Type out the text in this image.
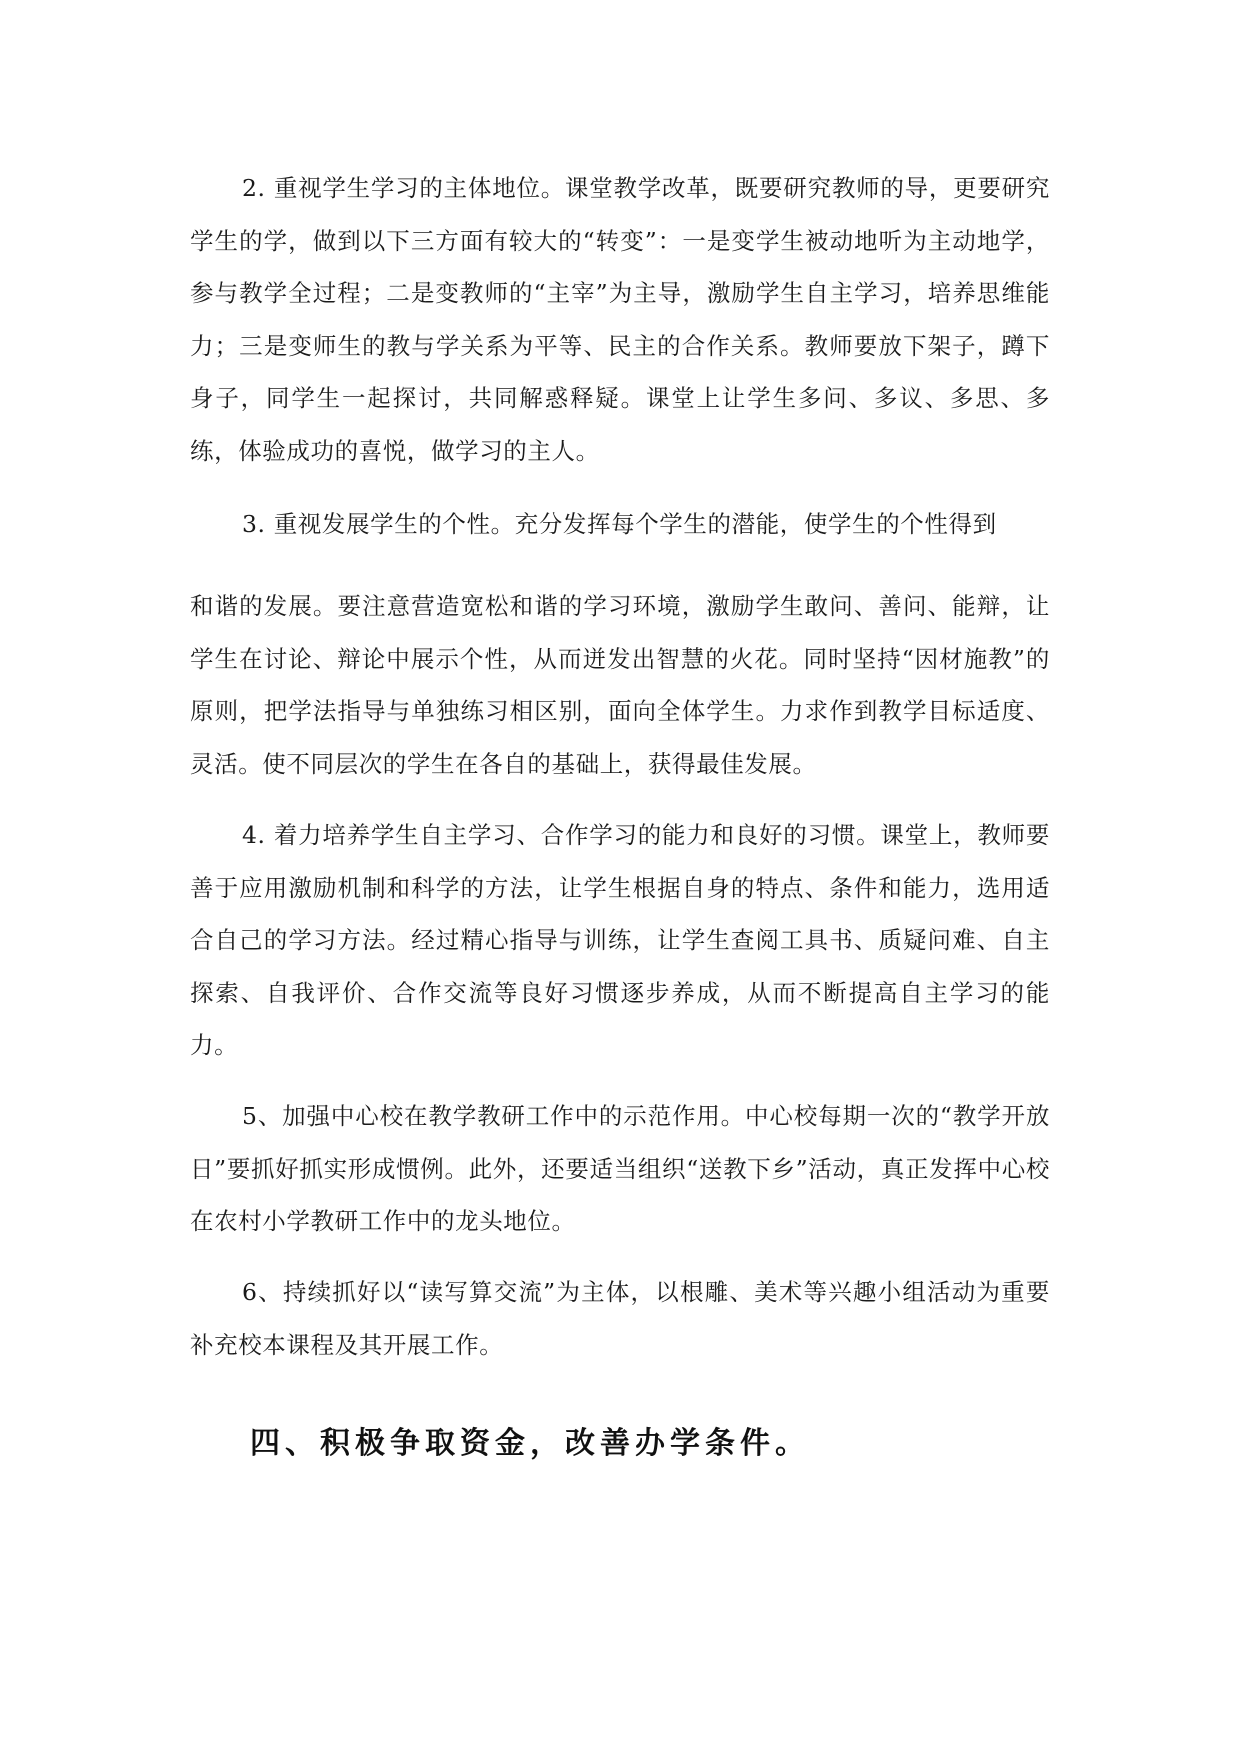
2. 重视学生学习的主体地位。课堂教学改革，既要研究教师的导，更要研究学生的学，做到以下三方面有较大的“转变”：一是变学生被动地听为主动地学，参与教学全过程；二是变教师的“主宰”为主导，激励学生自主学习，培养思维能力；三是变师生的教与学关系为平等、民主的合作关系。教师要放下架子，蹲下身子，同学生一起探讨，共同解惑释疑。课堂上让学生多问、多议、多思、多练，体验成功的喜悦，做学习的主人。

3. 重视发展学生的个性。充分发挥每个学生的潜能，使学生的个性得到

和谐的发展。要注意营造宽松和谐的学习环境，激励学生敢问、善问、能辩，让学生在讨论、辩论中展示个性，从而迸发出智慧的火花。同时坚持“因材施教”的原则，把学法指导与单独练习相区别，面向全体学生。力求作到教学目标适度、灵活。使不同层次的学生在各自的基础上，获得最佳发展。

4. 着力培养学生自主学习、合作学习的能力和良好的习惯。课堂上，教师要善于应用激励机制和科学的方法，让学生根据自身的特点、条件和能力，选用适合自己的学习方法。经过精心指导与训练，让学生查阅工具书、质疑问难、自主探索、自我评价、合作交流等良好习惯逐步养成，从而不断提高自主学习的能力。

5、加强中心校在教学教研工作中的示范作用。中心校每期一次的“教学开放日”要抓好抓实形成惯例。此外，还要适当组织“送教下乡”活动，真正发挥中心校在农村小学教研工作中的龙头地位。

6、持续抓好以“读写算交流”为主体，以根雕、美术等兴趣小组活动为重要补充校本课程及其开展工作。

四、积极争取资金，改善办学条件。
